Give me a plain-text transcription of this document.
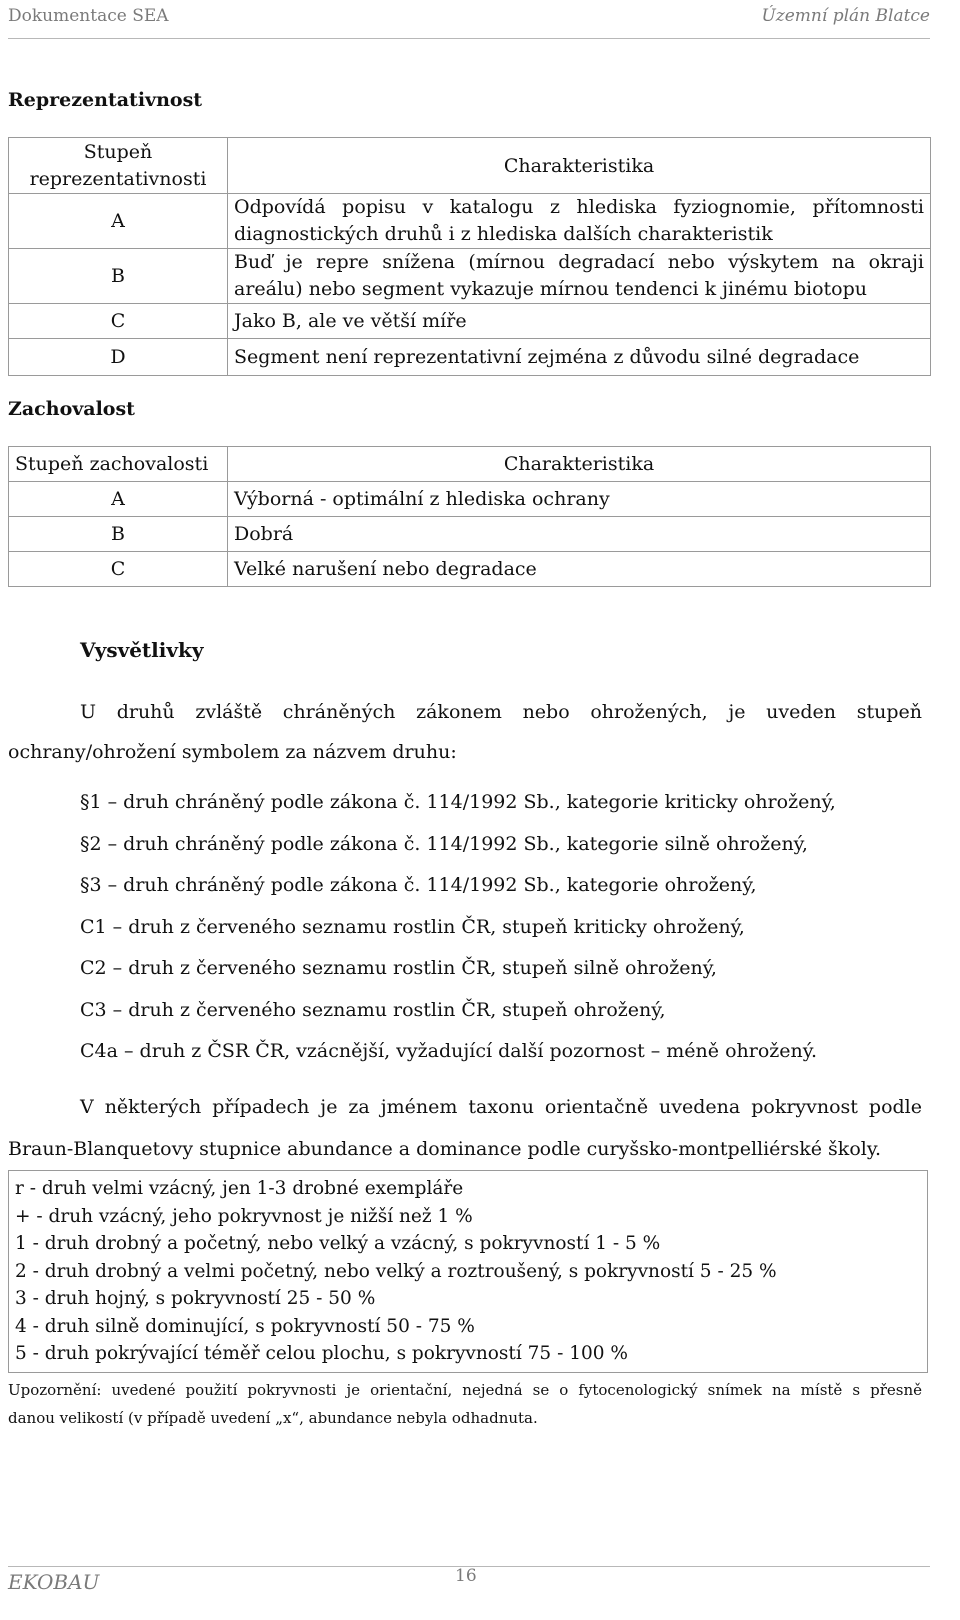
Dokumentace SEA	Územní plán Blatce
Reprezentativnost
Stupeň reprezentativnosti	Charakteristika
A	Odpovídá popisu v katalogu z hlediska fyziognomie, přítomnosti
diagnostických druhů i z hlediska dalších charakteristik

B	Buď je repre snížena (mírnou degradací nebo výskytem na okraji
areálu) nebo segment vykazuje mírnou tendenci k jinému biotopu

C	Jako B, ale ve větší míře
D	Segment není reprezentativní zejména z důvodu silné degradace
Zachovalost
Stupeň zachovalosti	Charakteristika
A	Výborná - optimální z hlediska ochrany
B	Dobrá
C	Velké narušení nebo degradace
Vysvětlivky
U druhů zvláště chráněných zákonem nebo ohrožených, je uveden stupeň
ochrany/ohrožení symbolem za názvem druhu:
§1 – druh chráněný podle zákona č. 114/1992 Sb., kategorie kriticky ohrožený,
§2 – druh chráněný podle zákona č. 114/1992 Sb., kategorie silně ohrožený,
§3 – druh chráněný podle zákona č. 114/1992 Sb., kategorie ohrožený,
C1 – druh z červeného seznamu rostlin ČR, stupeň kriticky ohrožený,
C2 – druh z červeného seznamu rostlin ČR, stupeň silně ohrožený,
C3 – druh z červeného seznamu rostlin ČR, stupeň ohrožený,
C4a – druh z ČSR ČR, vzácnější, vyžadující další pozornost – méně ohrožený.
V některých případech je za jménem taxonu orientačně uvedena pokryvnost podle
Braun-Blanquetovy stupnice abundance a dominance podle curyšsko-montpelliérské školy.
r - druh velmi vzácný, jen 1-3 drobné exempláře
+ - druh vzácný, jeho pokryvnost je nižší než 1 %
1 - druh drobný a početný, nebo velký a vzácný, s pokryvností 1 - 5 %
2 - druh drobný a velmi početný, nebo velký a roztroušený, s pokryvností 5 - 25 %
3 - druh hojný, s pokryvností 25 - 50 %
4 - druh silně dominující, s pokryvností 50 - 75 %
5 - druh pokrývající téměř celou plochu, s pokryvností 75 - 100 %
Upozornění: uvedené použití pokryvnosti je orientační, nejedná se o fytocenologický snímek na místě s přesně
danou velikostí (v případě uvedení „x“, abundance nebyla odhadnuta.
EKOBAU	16
